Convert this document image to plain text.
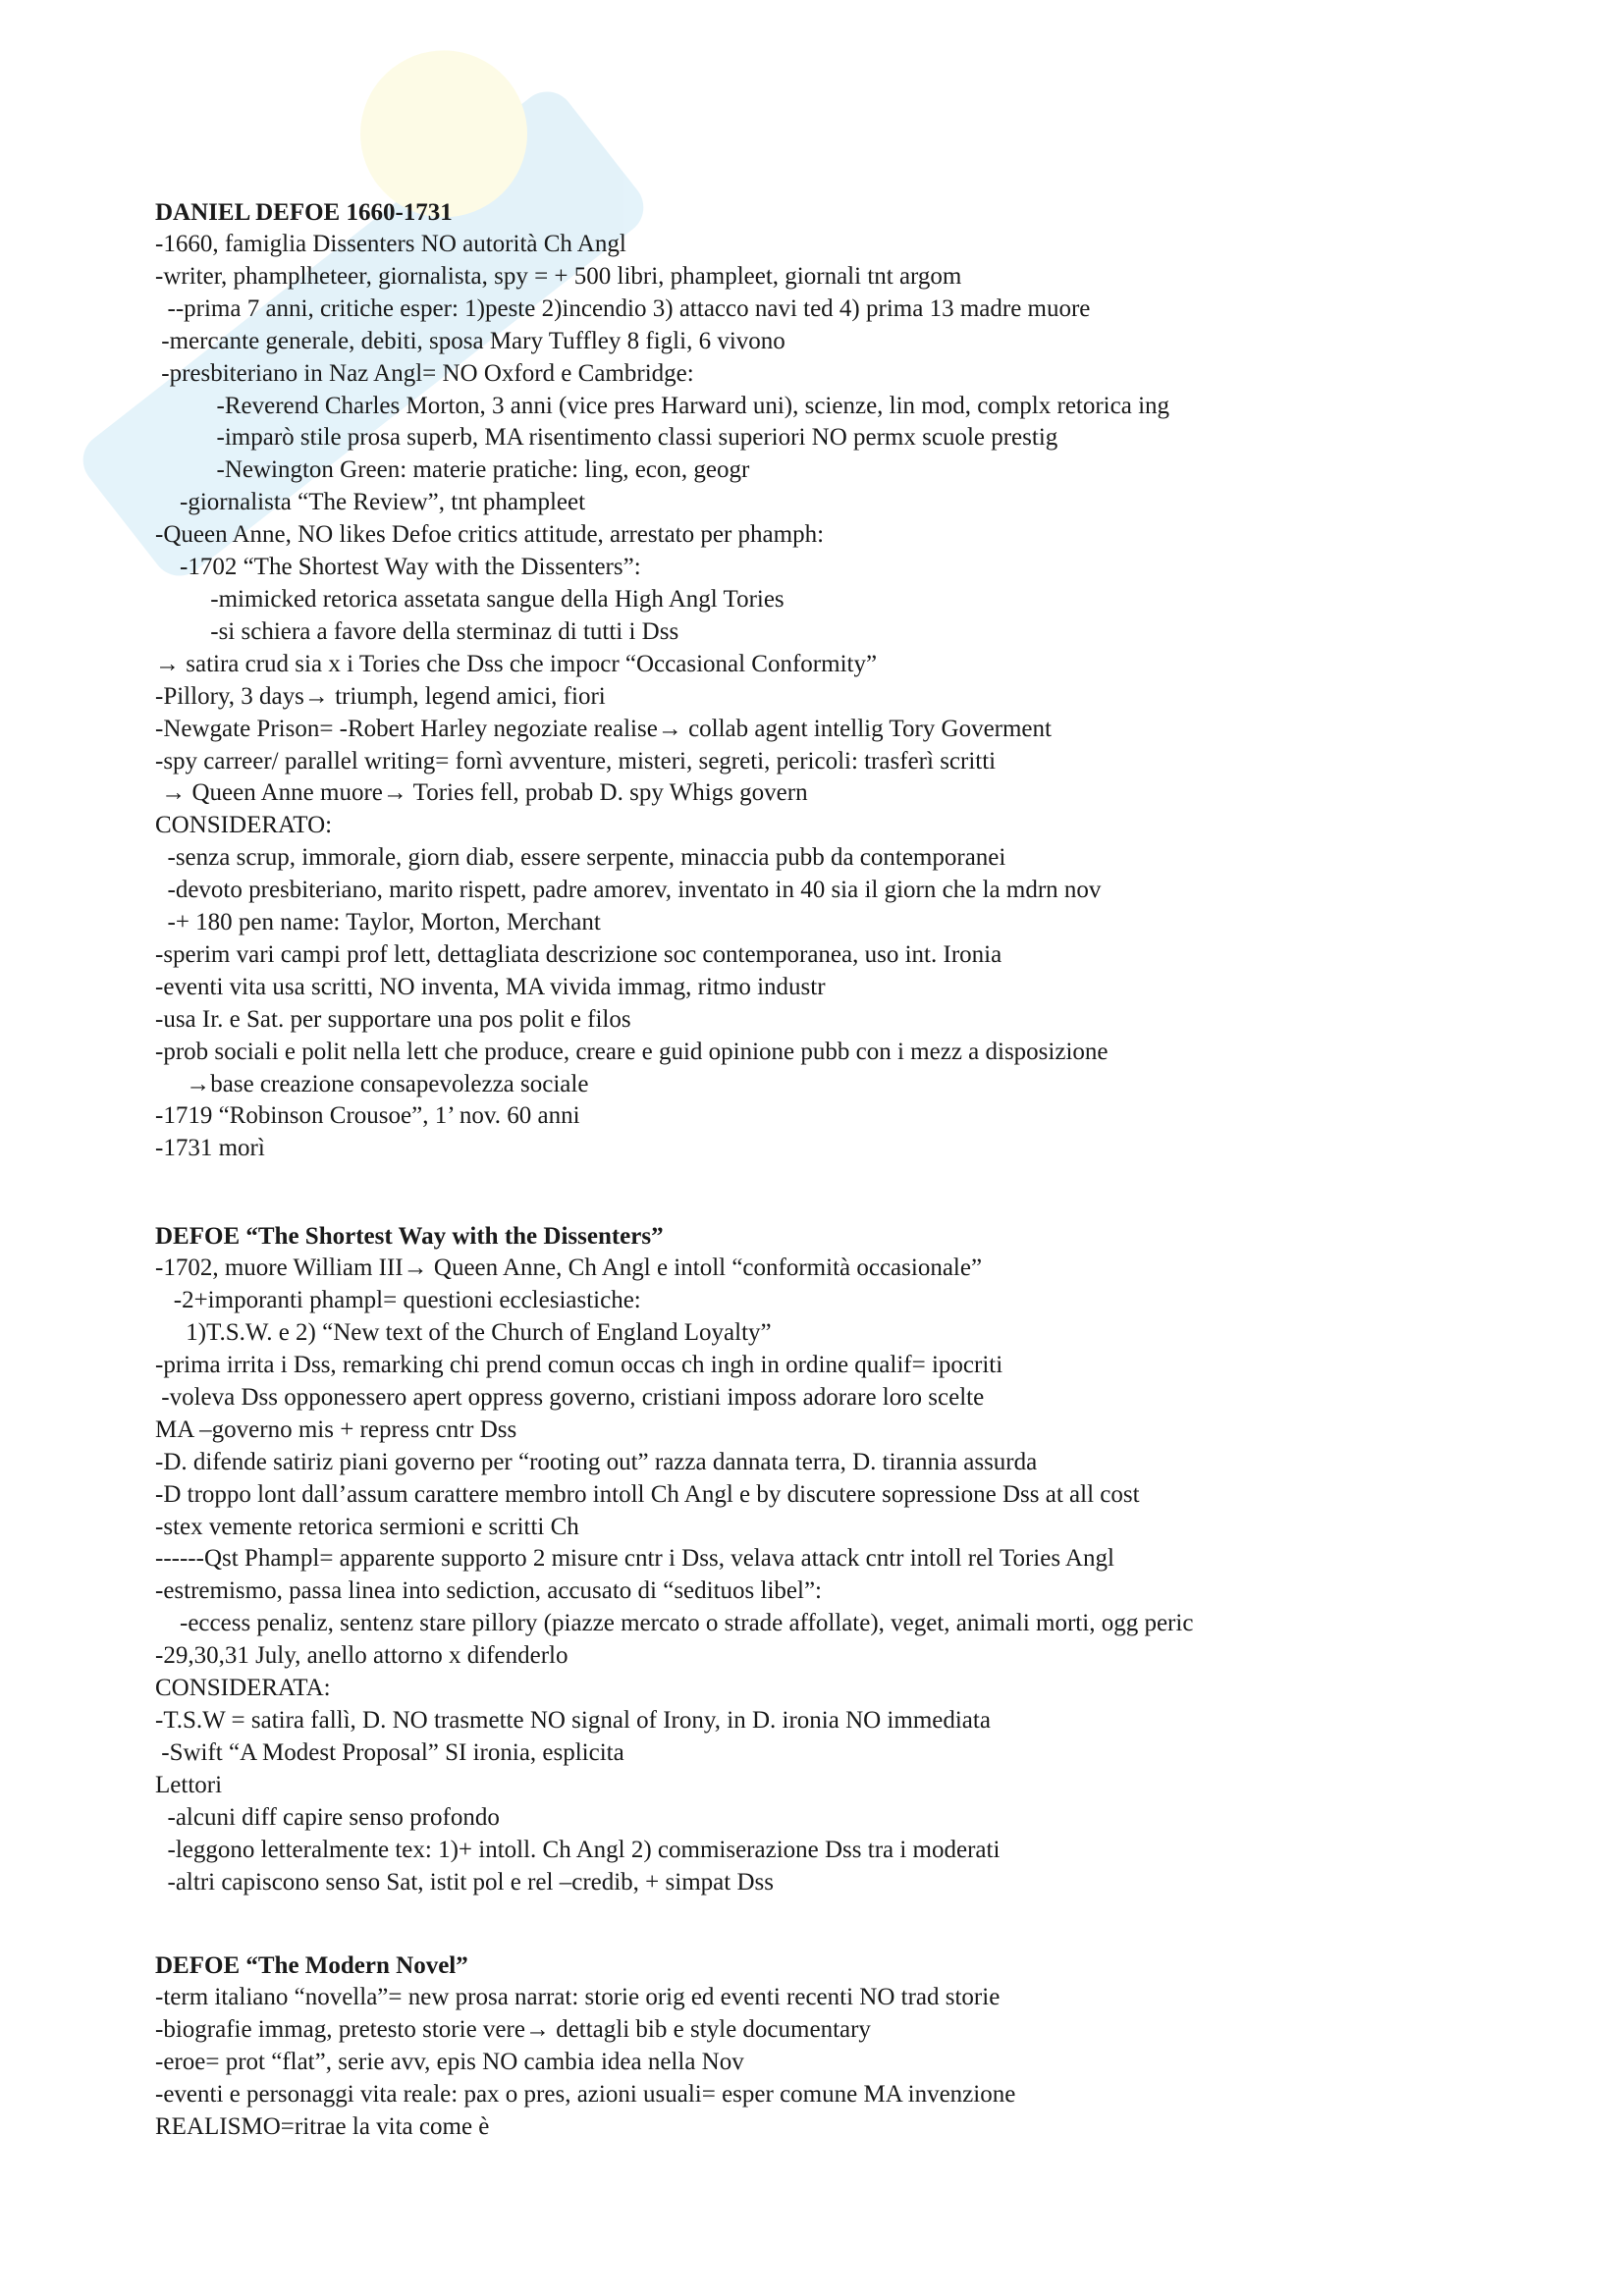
DANIEL DEFOE 1660-1731
-1660, famiglia Dissenters NO autorità Ch Angl
-writer, phamplheteer, giornalista, spy = + 500 libri, phampleet, giornali tnt argom
--prima 7 anni, critiche esper: 1)peste 2)incendio 3) attacco navi ted 4) prima 13 madre muore
-mercante generale, debiti, sposa Mary Tuffley 8 figli, 6 vivono
-presbiteriano in Naz Angl= NO Oxford e Cambridge:
-Reverend Charles Morton, 3 anni (vice pres Harward uni), scienze, lin mod, complx retorica ing
-imparò stile prosa superb, MA risentimento classi superiori NO permx scuole prestig
-Newington Green: materie pratiche: ling, econ, geogr
-giornalista “The Review”, tnt phampleet
-Queen Anne, NO likes Defoe critics attitude, arrestato per phamph:
-1702 “The Shortest Way with the Dissenters”:
-mimicked retorica assetata sangue della High Angl Tories
-si schiera a favore della sterminaz di tutti i Dss
→ satira crud sia x i Tories che Dss che impocr “Occasional Conformity”
-Pillory, 3 days→ triumph, legend amici, fiori
-Newgate Prison= -Robert Harley negoziate realise→ collab agent intellig Tory Goverment
-spy carreer/ parallel writing= fornì avventure, misteri, segreti, pericoli: trasferì scritti
→ Queen Anne muore→ Tories fell, probab D. spy Whigs govern
CONSIDERATO:
-senza scrup, immorale, giorn diab, essere serpente, minaccia pubb da contemporanei
-devoto presbiteriano, marito rispett, padre amorev, inventato in 40 sia il giorn che la mdrn nov
-+ 180 pen name: Taylor, Morton, Merchant
-sperim vari campi prof lett, dettagliata descrizione soc contemporanea, uso int. Ironia
-eventi vita usa scritti, NO inventa, MA vivida immag, ritmo industr
-usa Ir. e Sat. per supportare una pos polit e filos
-prob sociali e polit nella lett che produce, creare e guid opinione pubb con i mezz a disposizione
→base creazione consapevolezza sociale
-1719 “Robinson Crousoe”, 1’ nov. 60 anni
-1731 morì
DEFOE “The Shortest Way with the Dissenters”
-1702, muore William III→ Queen Anne, Ch Angl e intoll “conformità occasionale”
-2+imporanti phampl= questioni ecclesiastiche:
1)T.S.W. e 2) “New text of the Church of England Loyalty”
-prima irrita i Dss, remarking chi prend comun occas ch ingh in ordine qualif= ipocriti
-voleva Dss opponessero apert oppress governo, cristiani imposs adorare loro scelte
MA –governo mis + repress cntr Dss
-D. difende satiriz piani governo per “rooting out” razza dannata terra, D. tirannia assurda
-D troppo lont dall’assum carattere membro intoll Ch Angl e by discutere sopressione Dss at all cost
-stex vemente retorica sermioni e scritti Ch
------Qst Phampl= apparente supporto 2 misure cntr i Dss, velava attack cntr intoll rel Tories Angl
-estremismo, passa linea into sediction, accusato di “sedituos libel”:
-eccess penaliz, sentenz stare pillory (piazze mercato o strade affollate), veget, animali morti, ogg peric
-29,30,31 July, anello attorno x difenderlo
CONSIDERATA:
-T.S.W = satira fallì, D. NO trasmette NO signal of Irony, in D. ironia NO immediata
-Swift “A Modest Proposal” SI ironia, esplicita
Lettori
-alcuni diff capire senso profondo
-leggono letteralmente tex: 1)+ intoll. Ch Angl 2) commiserazione Dss tra i moderati
-altri capiscono senso Sat, istit pol e rel –credib, + simpat Dss
DEFOE “The Modern Novel”
-term italiano “novella”= new prosa narrat: storie orig ed eventi recenti NO trad storie
-biografie immag, pretesto storie vere→ dettagli bib e style documentary
-eroe= prot “flat”, serie avv, epis NO cambia idea nella Nov
-eventi e personaggi vita reale: pax o pres, azioni usuali= esper comune MA invenzione
REALISMO=ritrae la vita come è
